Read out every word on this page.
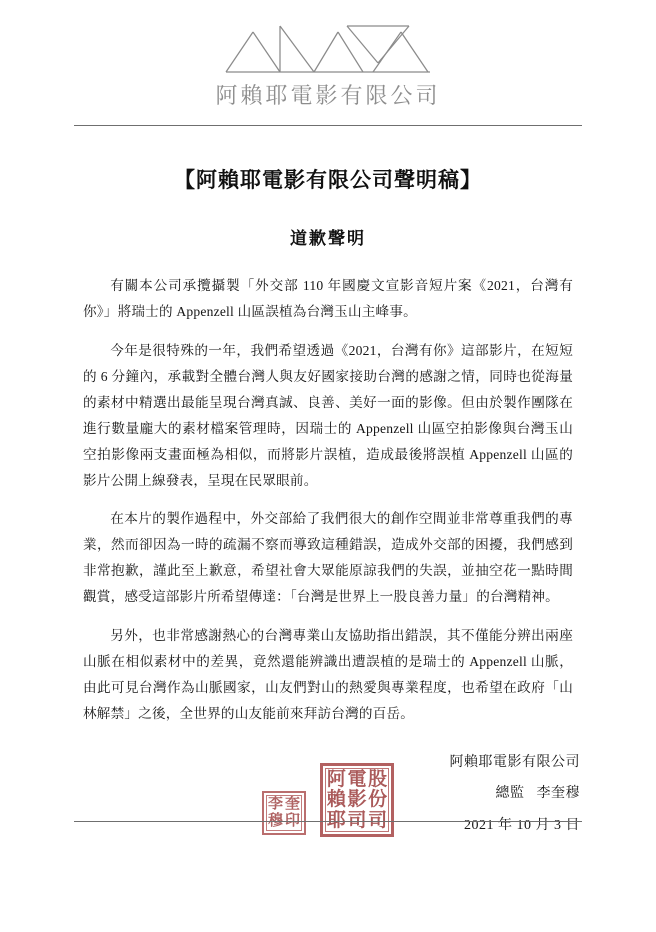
阿賴耶電影有限公司
【阿賴耶電影有限公司聲明稿】
道歉聲明

有關本公司承攬攝製「外交部 110 年國慶文宣影音短片案《2021，台灣有你》」將瑞士的 Appenzell 山區誤植為台灣玉山主峰事。

今年是很特殊的一年，我們希望透過《2021，台灣有你》這部影片，在短短的 6 分鐘內，承載對全體台灣人與友好國家接助台灣的感謝之情，同時也從海量的素材中精選出最能呈現台灣真誠、良善、美好一面的影像。但由於製作團隊在進行數量龐大的素材檔案管理時，因瑞士的 Appenzell 山區空拍影像與台灣玉山空拍影像兩支畫面極為相似，而將影片誤植，造成最後將誤植 Appenzell 山區的影片公開上線發表，呈現在民眾眼前。

在本片的製作過程中，外交部給了我們很大的創作空間並非常尊重我們的專業，然而卻因為一時的疏漏不察而導致這種錯誤，造成外交部的困擾，我們感到非常抱歉，謹此至上歉意，希望社會大眾能原諒我們的失誤，並抽空花一點時間觀賞，感受這部影片所希望傳達：「台灣是世界上一股良善力量」的台灣精神。

另外，也非常感謝熱心的台灣專業山友協助指出錯誤，其不僅能分辨出兩座山脈在相似素材中的差異，竟然還能辨識出遭誤植的是瑞士的 Appenzell 山脈，由此可見台灣作為山脈國家，山友們對山的熱愛與專業程度，也希望在政府「山林解禁」之後，全世界的山友能前來拜訪台灣的百岳。

李 奎
穆 印
阿 電 股
賴 影 份
耶 司 司
阿賴耶電影有限公司
總監 李奎穆
2021 年 10 月 3 日
